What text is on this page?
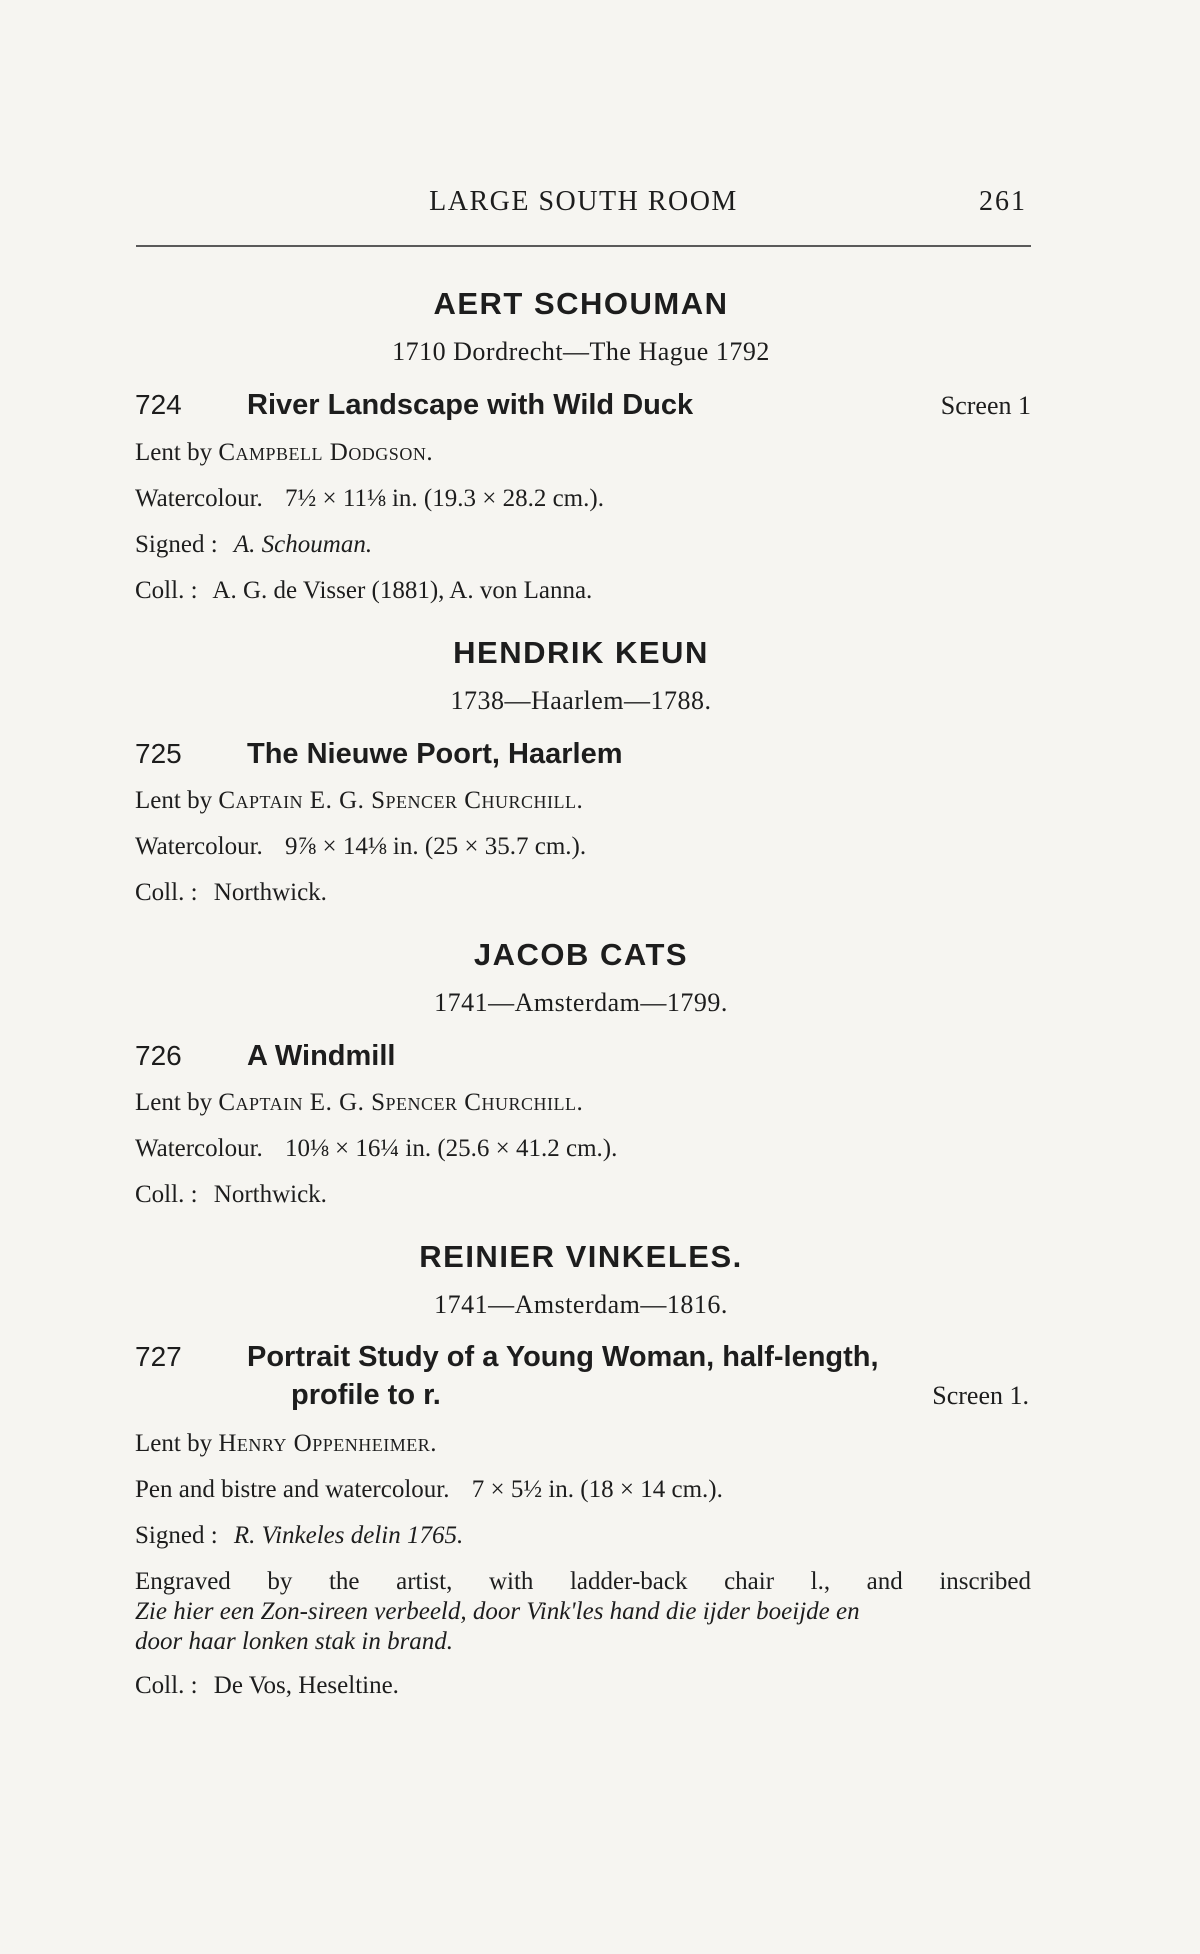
LARGE SOUTH ROOM	261
AERT SCHOUMAN
1710 Dordrecht—The Hague 1792
724	River Landscape with Wild Duck	Screen 1
Lent by Campbell Dodgson.
Watercolour. 7½ × 11⅛ in. (19.3 × 28.2 cm.).
Signed : A. Schouman.
Coll. : A. G. de Visser (1881), A. von Lanna.
HENDRIK KEUN
1738—Haarlem—1788.
725	The Nieuwe Poort, Haarlem
Lent by Captain E. G. Spencer Churchill.
Watercolour. 9⅞ × 14⅛ in. (25 × 35.7 cm.).
Coll. : Northwick.
JACOB CATS
1741—Amsterdam—1799.
726	A Windmill
Lent by Captain E. G. Spencer Churchill.
Watercolour. 10⅛ × 16¼ in. (25.6 × 41.2 cm.).
Coll. : Northwick.
REINIER VINKELES.
1741—Amsterdam—1816.
727	Portrait Study of a Young Woman, half-length,
profile to r.	Screen 1.
Lent by Henry Oppenheimer.
Pen and bistre and watercolour. 7 × 5½ in. (18 × 14 cm.).
Signed : R. Vinkeles delin 1765.
Engraved by the artist, with ladder-back chair l., and inscribed
Zie hier een Zon-sireen verbeeld, door Vink'les hand die ijder boeijde en
door haar lonken stak in brand.
Coll. : De Vos, Heseltine.
